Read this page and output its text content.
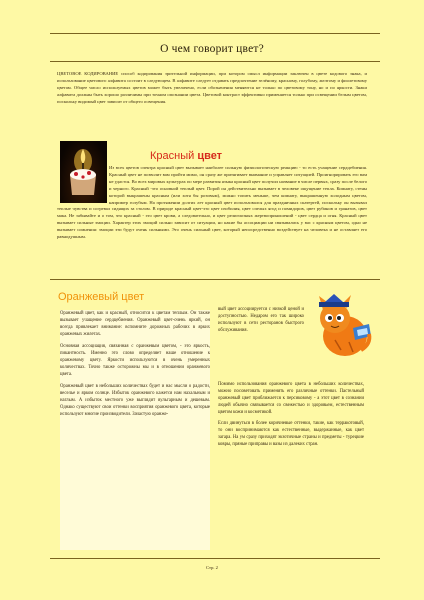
О чем говорит цвет?
ЦВЕТОВОЕ КОДИРОВАНИЕ способ кодирования зрительной информации, при котором смысл информации заключен в цвете кодового знака, и использование цветового алфавита состоит в следующем. В алфавите следует отдавать предпочтение зелёному, красному, голубому, желтому и фиолетовому цветам. Общее число используемых цветов может быть увеличено, если обозначения меняются не только по цветовому тону, но и по яркости. Знаки алфавита должны быть хорошо различимы при точном опознании цвета. Цветовой контраст эффективно применяется только при освещении белым цветом, поскольку видимый цвет зависит от общего освещения.
Красный цвет
Из всех цветов спектра красный цвет вызывает наиболее сильную физиологическую реакцию - то есть учащение сердцебиения. Красный цвет не позволит вам пройти мимо, он сразу же притягивает внимание и управляет ситуацией. Проигнорировать его вам не удастся. Во всех мировых культурах по мере развития языка красный цвет получил название в числе первых, сразу после белого и черного. Красный -это основной теплый цвет. Порой он действительно вызывает в человеке ощущение тепла. Комнату, стены которой выкрашены красным (или хотя бы розовым), можно топить меньше, чем комнату, выкрашенную холодным цветом, например голубым. На протяжении долгих лет красный цвет использовался для праздничных скатертей, поскольку он вызывал теплые чувства и согревал сидящих за столом. В природе красный цвет-это цвет изобилия, цвет спелых ягод и помидоров, цвет рубинов и гранатов, цвет мака. Не забывайте и о том, что красный - это цвет крови, а следовательно, и цвет религиозных жертвоприношений - цвет сердца и огня. Красный цвет вызывает сильные эмоции. Характер этих эмоций сильно зависит от ситуации, но какие бы ассоциации ни связывались у вас с красным цветом, одно не вызывает сомнения: эмоции эти будут очень сильными. Это очень сильный цвет, который непосредственно воздействует на человека и не оставляет его равнодушным.
Оранжевый цвет

Оранжевый цвет, как и красный, относится к цветам теплым. Он также вызывает учащение сердцебиения. Оранжевый цвет-очень яркий, он всегда привлекает внимание: вспомните дорожных рабочих в ярких оранжевых жилетах.

Оснoвная ассоциация, связанная с оранжевым цветом, - это яркость, пикантность. Именно это слово определяет наше отношение к оранжевому цвету. Яркости используются в очень умеренных количествах. Точно также осторожны мы и в отношении оранжевого цвета.

Оранжевый цвет в небольших количествах будет и нас мысли о радости, веселье и ярком солнце. Избыток оранжевого кажется нам нахальным и наглым. А избыток местного уже выглядит вульгарным и дешевым. Однако существуют свои оттенки восприятия оранжевого цвета, которые используют многие производители. Зачастую оранже-

вый цвет ассоциируется с низкой ценой и доступностью. Недаром его так широко используют в сети ресторанов быстрого обслуживания.

Помимо использования оранжевого цвета в небольших количествах, можно посоветовать применять его различные оттенки. Пастельный оранжевый цвет приближается к персиковому - а этот цвет в сознании людей обычно связывается со свежестью и здоровьем, естественным цветом кожи и косметикой.

Если двинуться в более коричневые оттенки, такие, как терракотовый, то они воспринимаются как естественные, выдержанные, как цвет загара. На ум сразу приходят экзотичные страны и предметы - турецкие ковры, пряные приправы и вазы из далеких стран.

Стр. 2
